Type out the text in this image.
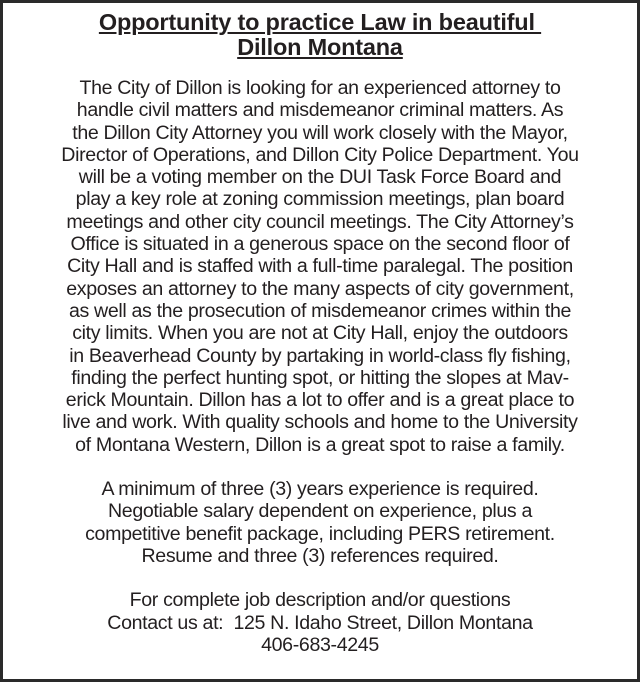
Opportunity to practice Law in beautiful
Dillon Montana
The City of Dillon is looking for an experienced attorney to
handle civil matters and misdemeanor criminal matters. As
the Dillon City Attorney you will work closely with the Mayor,
Director of Operations, and Dillon City Police Department. You
will be a voting member on the DUI Task Force Board and
play a key role at zoning commission meetings, plan board
meetings and other city council meetings. The City Attorney’s
Office is situated in a generous space on the second floor of
City Hall and is staffed with a full-time paralegal. The position
exposes an attorney to the many aspects of city government,
as well as the prosecution of misdemeanor crimes within the
city limits. When you are not at City Hall, enjoy the outdoors
in Beaverhead County by partaking in world-class fly fishing,
finding the perfect hunting spot, or hitting the slopes at Mav-
erick Mountain. Dillon has a lot to offer and is a great place to
live and work. With quality schools and home to the University
of Montana Western, Dillon is a great spot to raise a family.
A minimum of three (3) years experience is required.
Negotiable salary dependent on experience, plus a
competitive benefit package, including PERS retirement.
Resume and three (3) references required.
For complete job description and/or questions
Contact us at:  125 N. Idaho Street, Dillon Montana
406-683-4245
